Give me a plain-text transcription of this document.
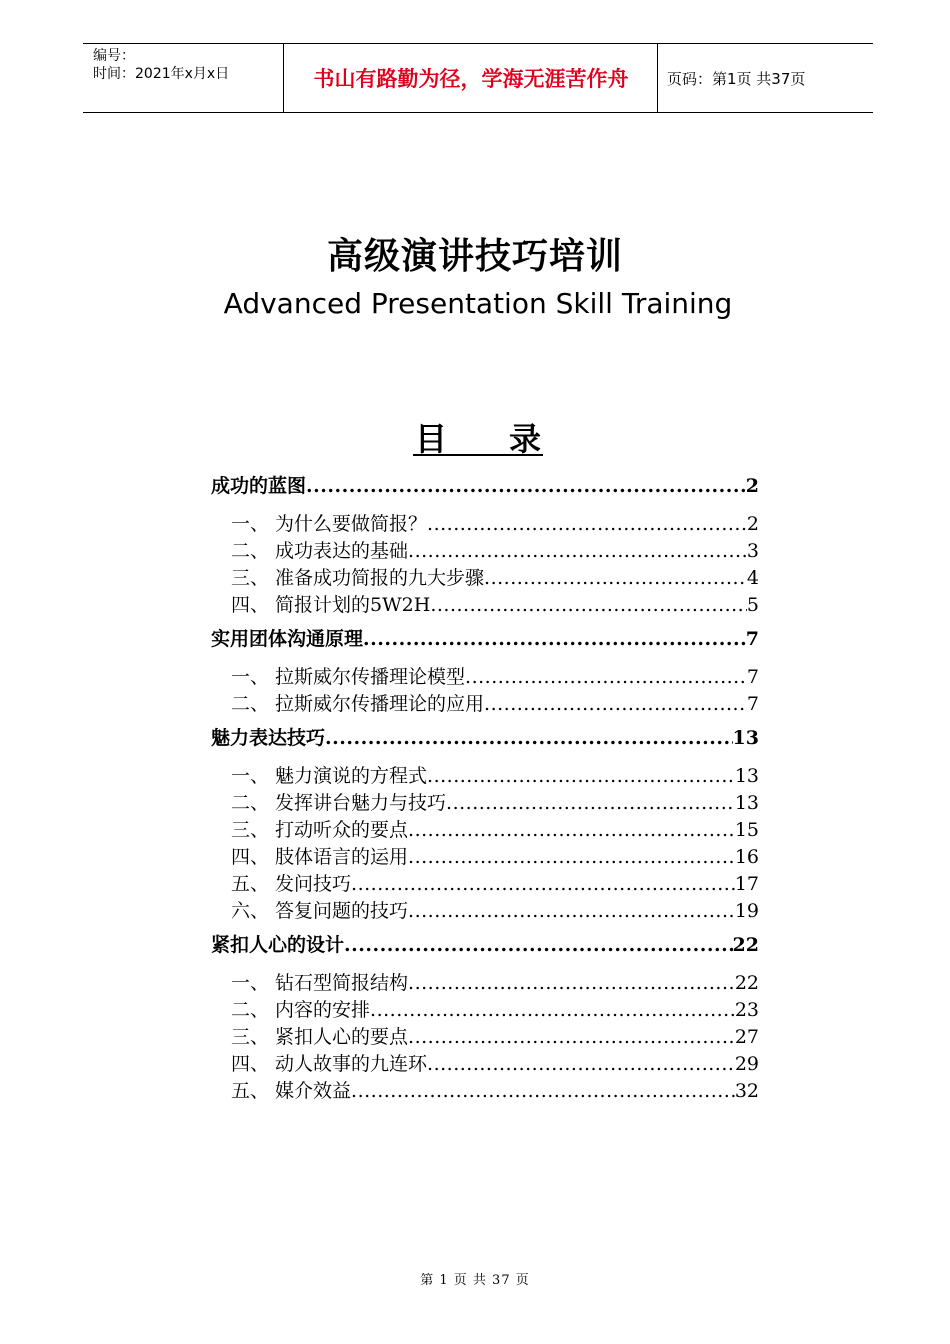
编号：
时间：2021年x月x日	书山有路勤为径，学海无涯苦作舟	页码：第1页 共37页
高级演讲技巧培训
Advanced Presentation Skill Training
目 录
成功的蓝图 .....	2
一、 为什么要做简报？ .....	2
二、 成功表达的基础 .....	3
三、 准备成功简报的九大步骤 .....	4
四、 简报计划的5W2H .....	5
实用团体沟通原理 .....	7
一、 拉斯威尔传播理论模型 .....	7
二、 拉斯威尔传播理论的应用 .....	7
魅力表达技巧 .....	13
一、 魅力演说的方程式 .....	13
二、 发挥讲台魅力与技巧 .....	13
三、 打动听众的要点 .....	15
四、 肢体语言的运用 .....	16
五、 发问技巧 .....	17
六、 答复问题的技巧 .....	19
紧扣人心的设计 .....	22
一、 钻石型简报结构 .....	22
二、 内容的安排 .....	23
三、 紧扣人心的要点 .....	27
四、 动人故事的九连环 .....	29
五、 媒介效益 .....	32
第 1 页 共 37 页
